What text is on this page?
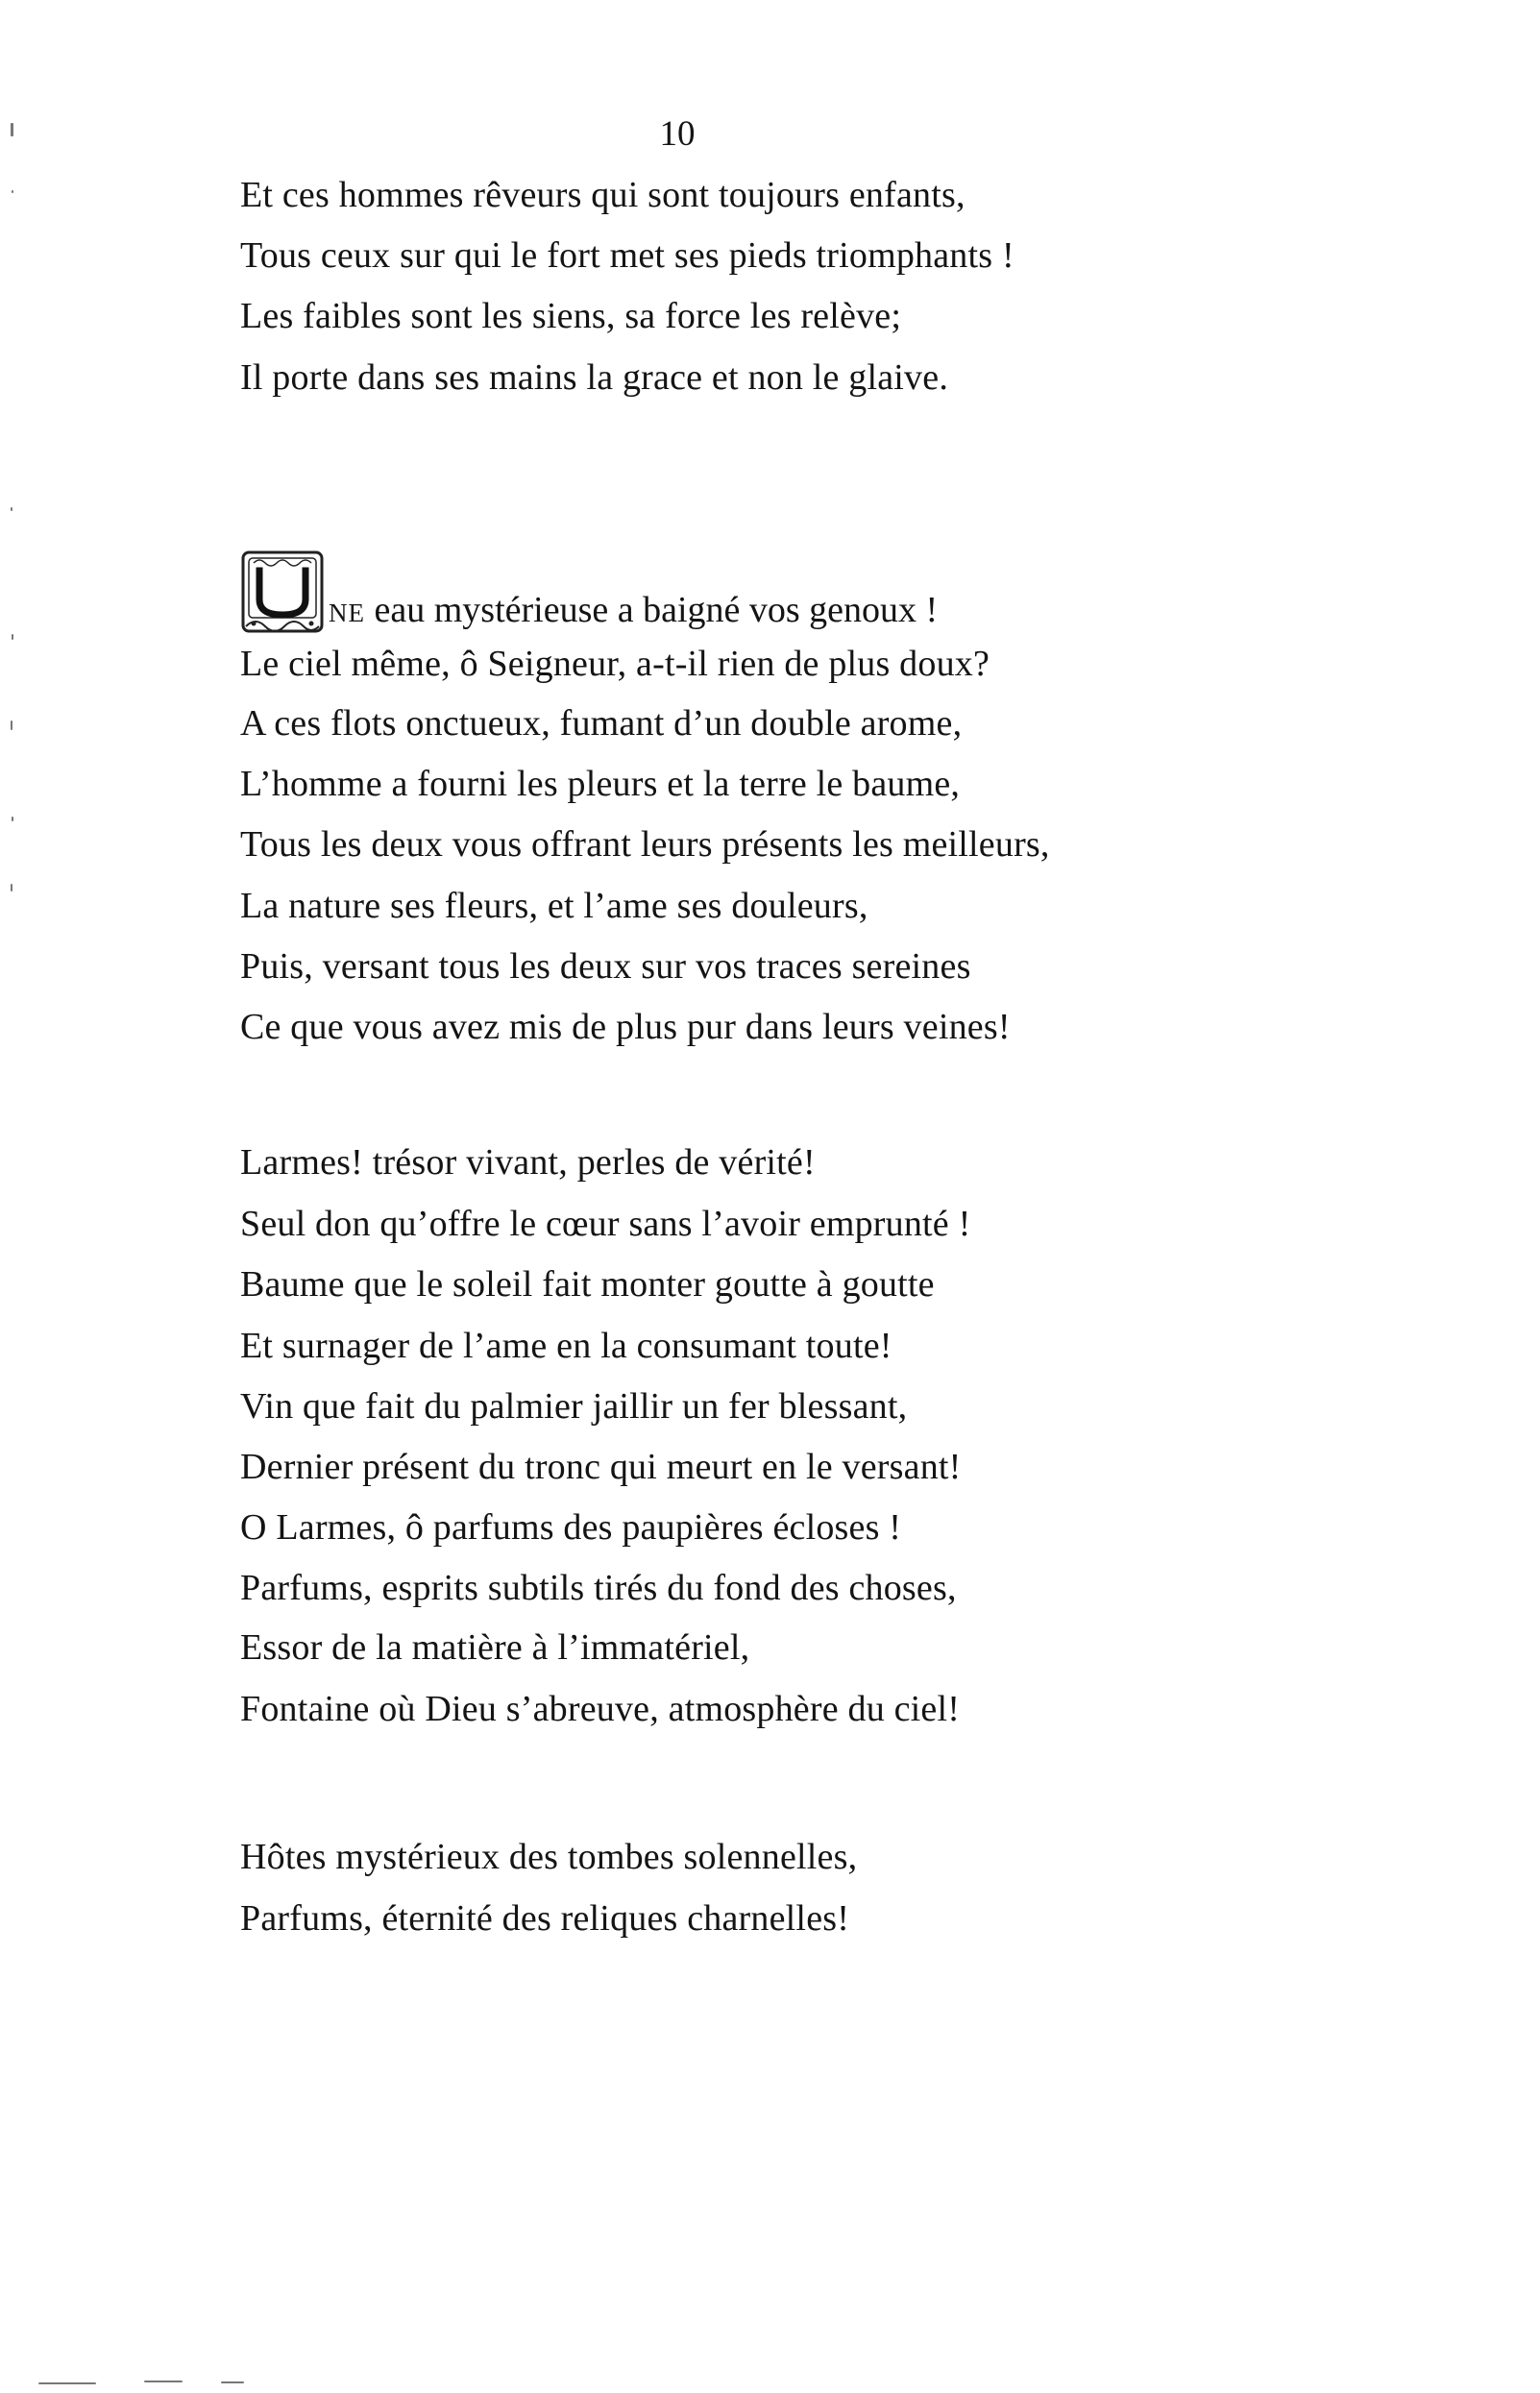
10
Et ces hommes rêveurs qui sont toujours enfants,
Tous ceux sur qui le fort met ses pieds triomphants !
Les faibles sont les siens, sa force les relève;
Il porte dans ses mains la grace et non le glaive.
NE eau mystérieuse a baigné vos genoux !
Le ciel même, ô Seigneur, a-t-il rien de plus doux?
A ces flots onctueux, fumant d’un double arome,
L’homme a fourni les pleurs et la terre le baume,
Tous les deux vous offrant leurs présents les meilleurs,
La nature ses fleurs, et l’ame ses douleurs,
Puis, versant tous les deux sur vos traces sereines
Ce que vous avez mis de plus pur dans leurs veines!
Larmes! trésor vivant, perles de vérité!
Seul don qu’offre le cœur sans l’avoir emprunté !
Baume que le soleil fait monter goutte à goutte
Et surnager de l’ame en la consumant toute!
Vin que fait du palmier jaillir un fer blessant,
Dernier présent du tronc qui meurt en le versant!
O Larmes, ô parfums des paupières écloses !
Parfums, esprits subtils tirés du fond des choses,
Essor de la matière à l’immatériel,
Fontaine où Dieu s’abreuve, atmosphère du ciel!
Hôtes mystérieux des tombes solennelles,
Parfums, éternité des reliques charnelles!
